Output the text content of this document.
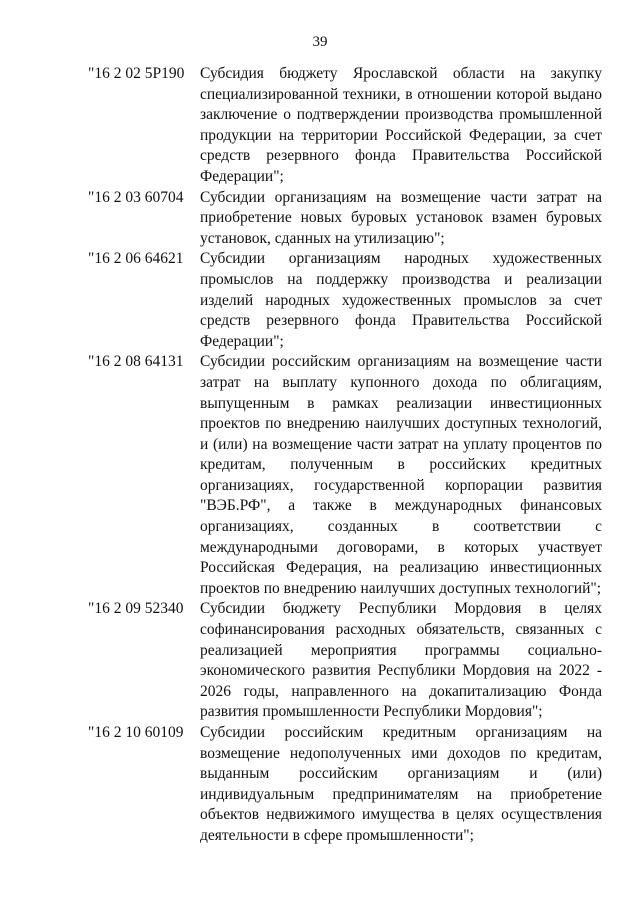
39
"16 2 02 5Р190	Субсидия бюджету Ярославской области на закупку специализированной техники, в отношении которой выдано заключение о подтверждении производства промышленной продукции на территории Российской Федерации, за счет средств резервного фонда Правительства Российской Федерации";

"16 2 03 60704	Субсидии организациям на возмещение части затрат на приобретение новых буровых установок взамен буровых установок, сданных на утилизацию";

"16 2 06 64621	Субсидии организациям народных художественных промыслов на поддержку производства и реализации изделий народных художественных промыслов за счет средств резервного фонда Правительства Российской Федерации";

"16 2 08 64131	Субсидии российским организациям на возмещение части затрат на выплату купонного дохода по облигациям, выпущенным в рамках реализации инвестиционных проектов по внедрению наилучших доступных технологий, и (или) на возмещение части затрат на уплату процентов по кредитам, полученным в российских кредитных организациях, государственной корпорации развития "ВЭБ.РФ", а также в международных финансовых организациях, созданных в соответствии с международными договорами, в которых участвует Российская Федерация, на реализацию инвестиционных проектов по внедрению наилучших доступных технологий";

"16 2 09 52340	Субсидии бюджету Республики Мордовия в целях софинансирования расходных обязательств, связанных с реализацией мероприятия программы социально-экономического развития Республики Мордовия на 2022 - 2026 годы, направленного на докапитализацию Фонда развития промышленности Республики Мордовия";

"16 2 10 60109	Субсидии российским кредитным организациям на возмещение недополученных ими доходов по кредитам, выданным российским организациям и (или) индивидуальным предпринимателям на приобретение объектов недвижимого имущества в целях осуществления деятельности в сфере промышленности";
